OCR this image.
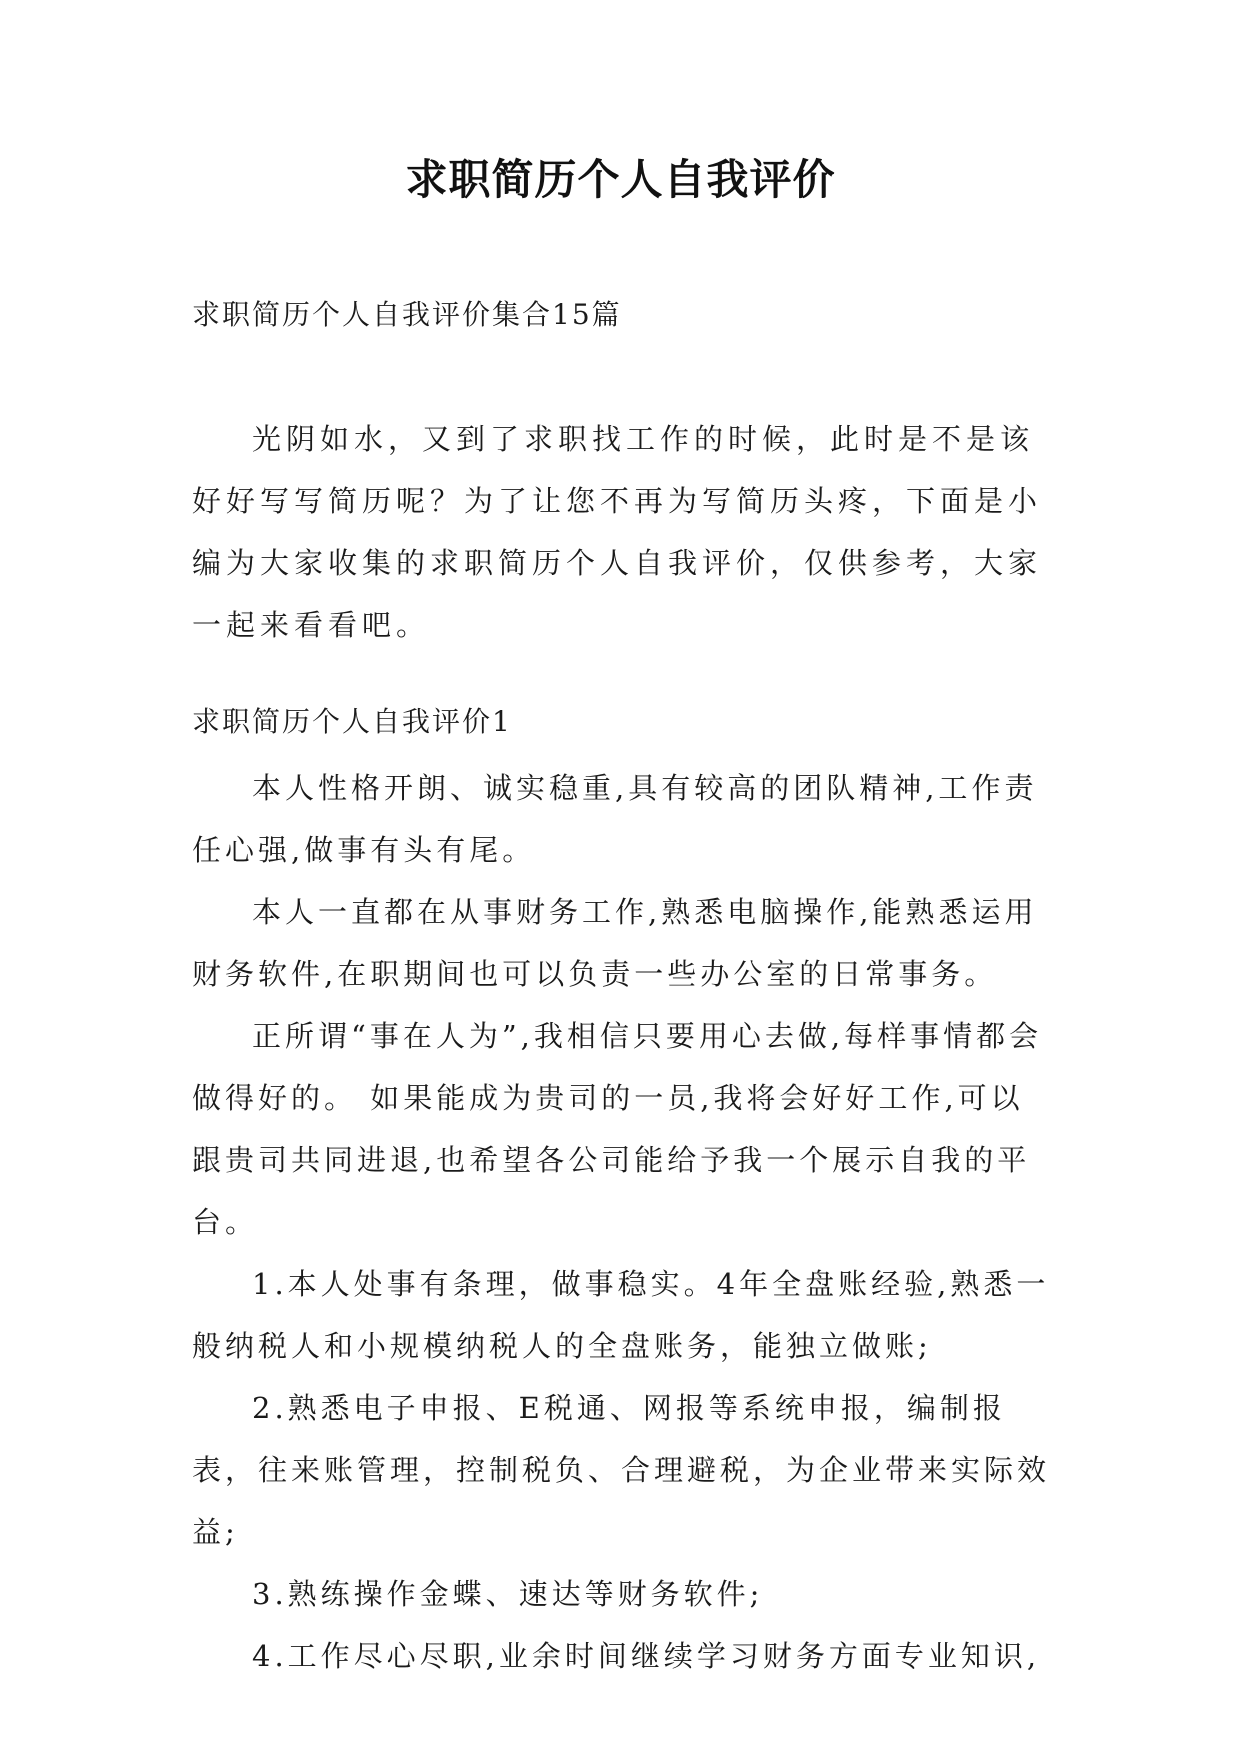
求职简历个人自我评价
求职简历个人自我评价集合15篇

光阴如水，又到了求职找工作的时候，此时是不是该好好写写简历呢？为了让您不再为写简历头疼，下面是小编为大家收集的求职简历个人自我评价，仅供参考，大家一起来看看吧。

求职简历个人自我评价1

本人性格开朗、诚实稳重,具有较高的团队精神,工作责任心强,做事有头有尾。

本人一直都在从事财务工作,熟悉电脑操作,能熟悉运用财务软件,在职期间也可以负责一些办公室的日常事务。

正所谓“事在人为”,我相信只要用心去做,每样事情都会做得好的。 如果能成为贵司的一员,我将会好好工作,可以跟贵司共同进退,也希望各公司能给予我一个展示自我的平台。

1.本人处事有条理，做事稳实。4年全盘账经验,熟悉一般纳税人和小规模纳税人的全盘账务，能独立做账;

2.熟悉电子申报、E税通、网报等系统申报，编制报表，往来账管理，控制税负、合理避税，为企业带来实际效益;

3.熟练操作金蝶、速达等财务软件;

4.工作尽心尽职,业余时间继续学习财务方面专业知识,
